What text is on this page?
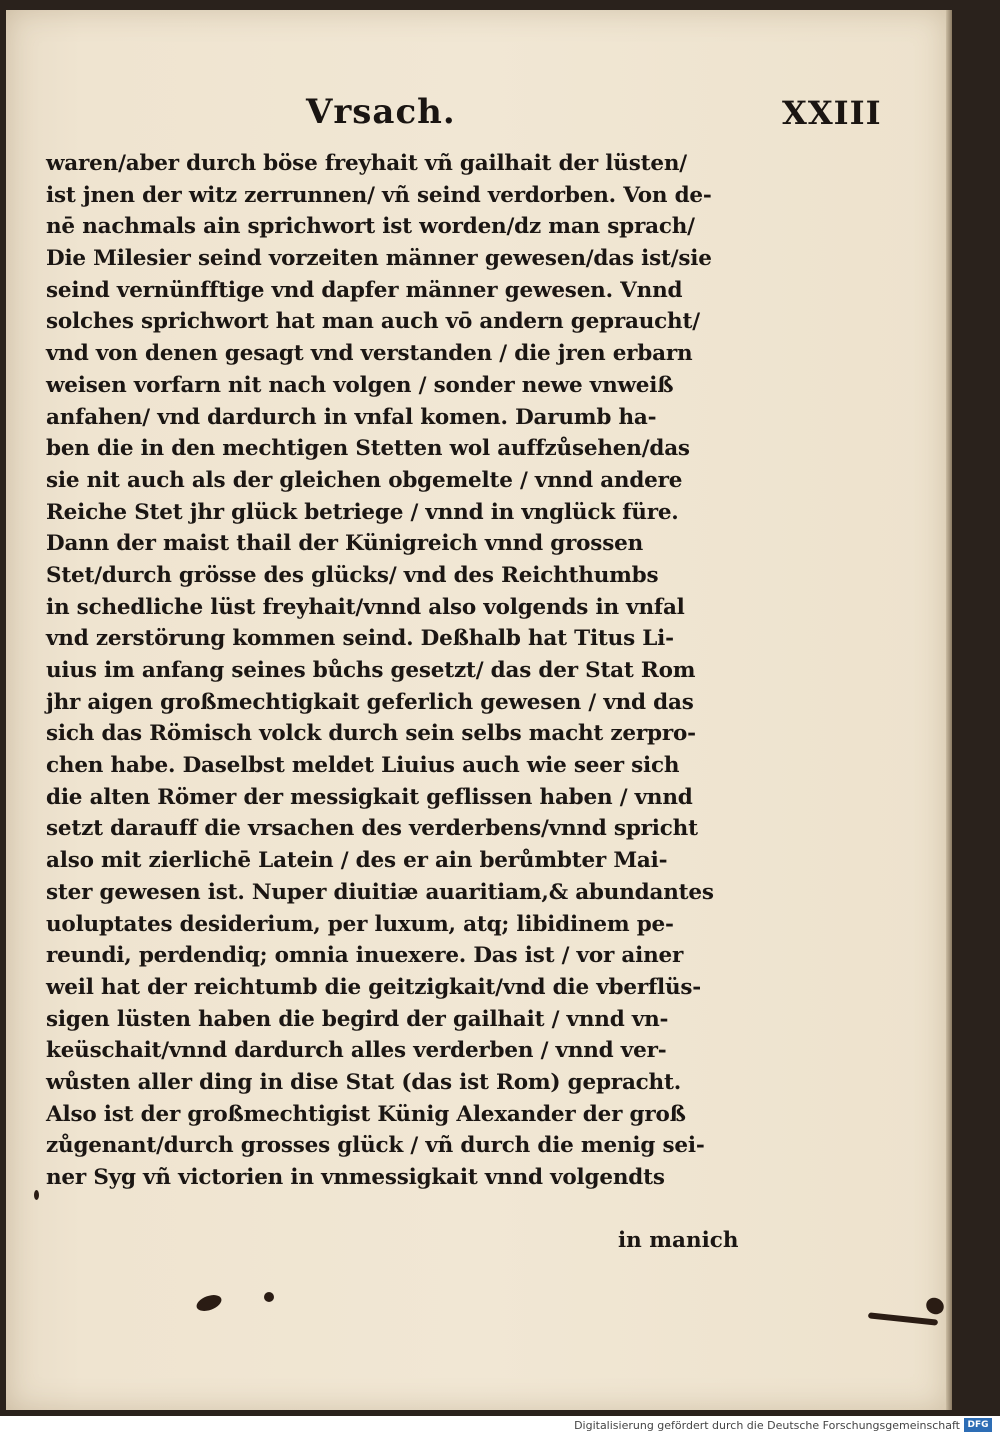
Vrsach.	XXIII
waren/aber durch böse freyhait vñ gailhait der lüsten/
ist jnen der witz zerrunnen/ vñ seind verdorben. Von de-
nē nachmals ain sprichwort ist worden/dz man sprach/
Die Milesier seind vorzeiten männer gewesen/das ist/sie
seind vernünfftige vnd dapfer männer gewesen. Vnnd
solches sprichwort hat man auch vō andern gepraucht/
vnd von denen gesagt vnd verstanden / die jren erbarn
weisen vorfarn nit nach volgen / sonder newe vnweiß
anfahen/ vnd dardurch in vnfal komen. Darumb ha-
ben die in den mechtigen Stetten wol auffzůsehen/das
sie nit auch als der gleichen obgemelte / vnnd andere
Reiche Stet jhr glück betriege / vnnd in vnglück füre.
Dann der maist thail der Künigreich vnnd grossen
Stet/durch grösse des glücks/ vnd des Reichthumbs
in schedliche lüst freyhait/vnnd also volgends in vnfal
vnd zerstörung kommen seind. Deßhalb hat Titus Li-
uius im anfang seines bůchs gesetzt/ das der Stat Rom
jhr aigen großmechtigkait geferlich gewesen / vnd das
sich das Römisch volck durch sein selbs macht zerpro-
chen habe. Daselbst meldet Liuius auch wie seer sich
die alten Römer der messigkait geflissen haben / vnnd
setzt darauff die vrsachen des verderbens/vnnd spricht
also mit zierlichē Latein / des er ain berůmbter Mai-
ster gewesen ist. Nuper diuitiæ auaritiam,& abundantes
uoluptates desiderium, per luxum, atq; libidinem pe-
reundi, perdendiq; omnia inuexere. Das ist / vor ainer
weil hat der reichtumb die geitzigkait/vnd die vberflüs-
sigen lüsten haben die begird der gailhait / vnnd vn-
keüschait/vnnd dardurch alles verderben / vnnd ver-
wůsten aller ding in dise Stat (das ist Rom) gepracht.
Also ist der großmechtigist Künig Alexander der groß
zůgenant/durch grosses glück / vñ durch die menig sei-
ner Syg vñ victorien in vnmessigkait vnnd volgendts
in manich
Digitalisierung gefördert durch die Deutsche Forschungsgemeinschaft DFG
